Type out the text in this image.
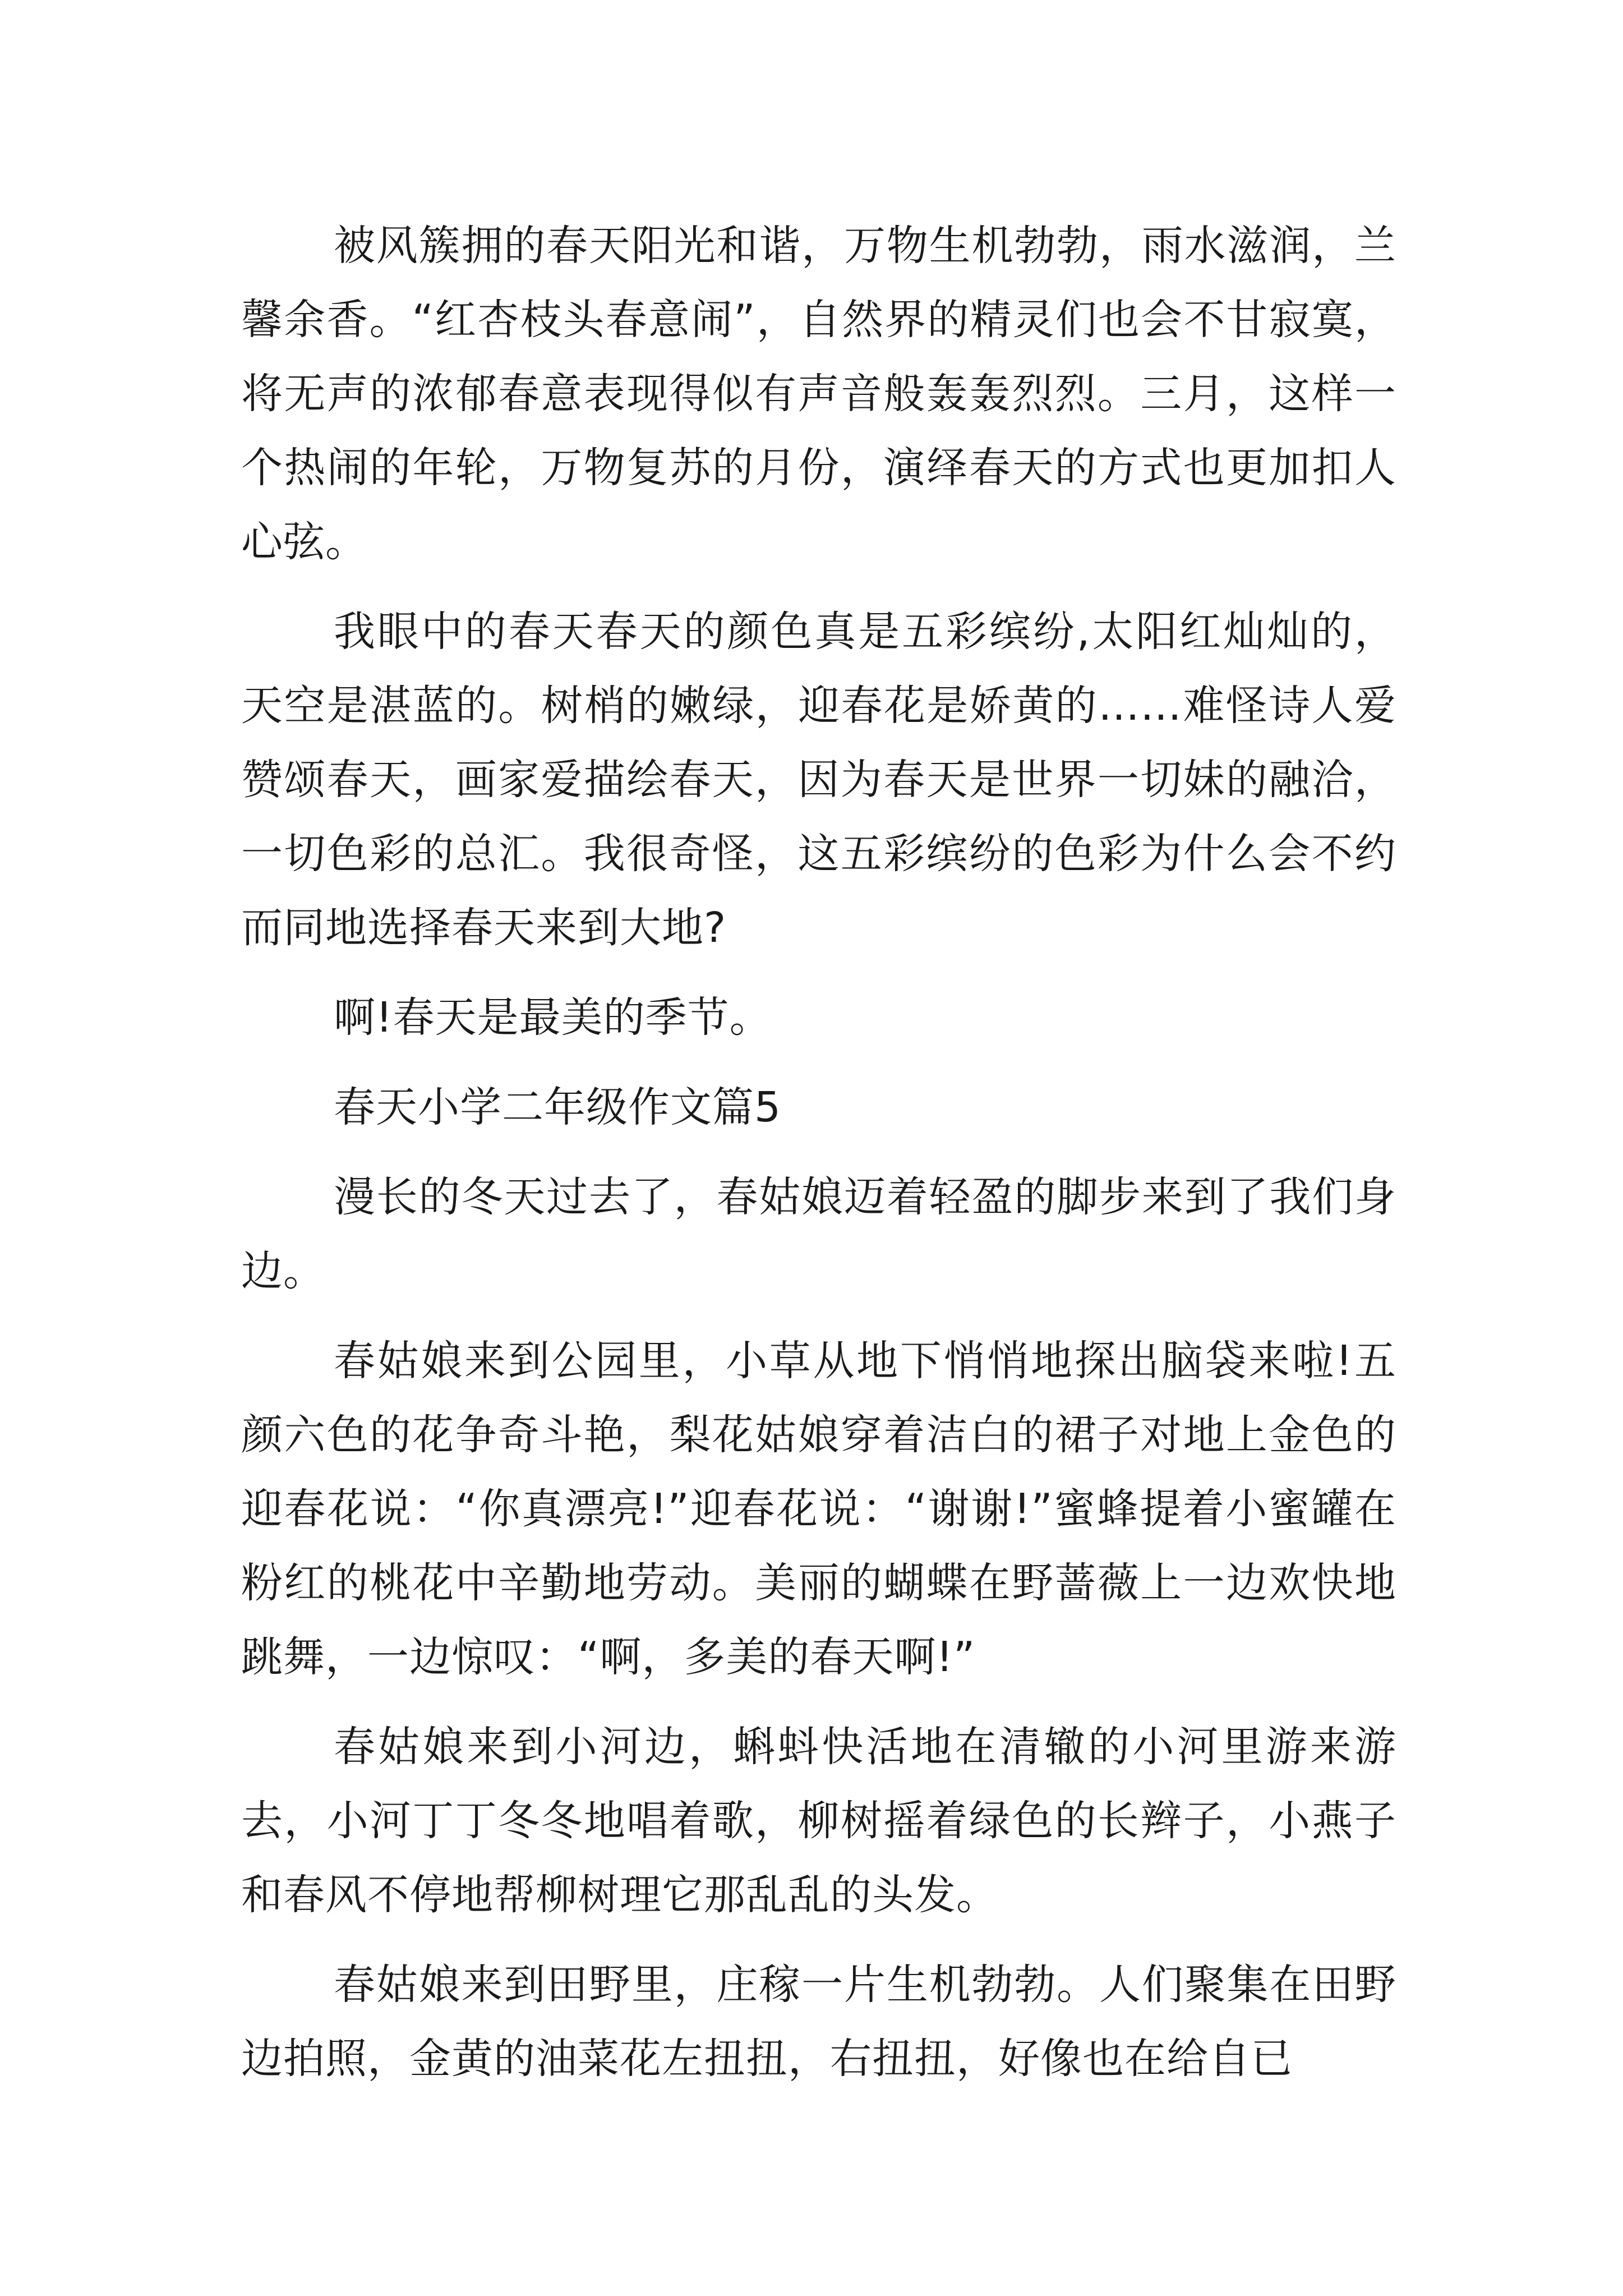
被风簇拥的春天阳光和谐，万物生机勃勃，雨水滋润，兰馨余香。“红杏枝头春意闹”，自然界的精灵们也会不甘寂寞，将无声的浓郁春意表现得似有声音般轰轰烈烈。三月，这样一个热闹的年轮，万物复苏的月份，演绎春天的方式也更加扣人心弦。

我眼中的春天春天的颜色真是五彩缤纷,太阳红灿灿的，天空是湛蓝的。树梢的嫩绿，迎春花是娇黄的……难怪诗人爱赞颂春天，画家爱描绘春天，因为春天是世界一切妹的融洽，一切色彩的总汇。我很奇怪，这五彩缤纷的色彩为什么会不约而同地选择春天来到大地?

啊!春天是最美的季节。

春天小学二年级作文篇5

漫长的冬天过去了，春姑娘迈着轻盈的脚步来到了我们身边。

春姑娘来到公园里，小草从地下悄悄地探出脑袋来啦!五颜六色的花争奇斗艳，梨花姑娘穿着洁白的裙子对地上金色的迎春花说：“你真漂亮!”迎春花说：“谢谢!”蜜蜂提着小蜜罐在粉红的桃花中辛勤地劳动。美丽的蝴蝶在野蔷薇上一边欢快地跳舞，一边惊叹：“啊，多美的春天啊!”

春姑娘来到小河边，蝌蚪快活地在清辙的小河里游来游去，小河丁丁冬冬地唱着歌，柳树摇着绿色的长辫子，小燕子和春风不停地帮柳树理它那乱乱的头发。

春姑娘来到田野里，庄稼一片生机勃勃。人们聚集在田野边拍照，金黄的油菜花左扭扭，右扭扭，好像也在给自已
